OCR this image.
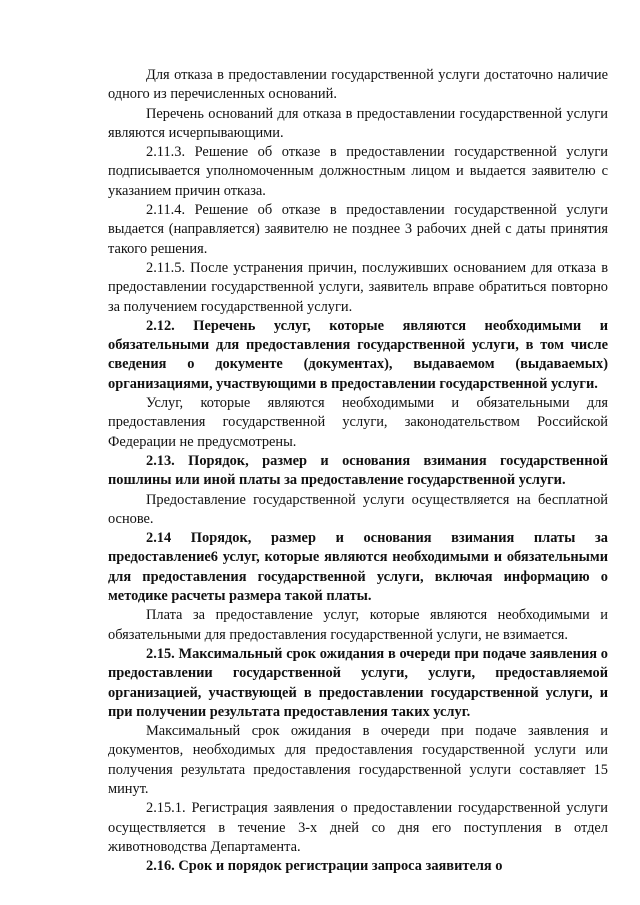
Для отказа в предоставлении государственной услуги достаточно наличие одного из перечисленных оснований.

Перечень оснований для отказа в предоставлении государственной услуги являются исчерпывающими.

2.11.3. Решение об отказе в предоставлении государственной услуги подписывается уполномоченным должностным лицом и выдается заявителю с указанием причин отказа.

2.11.4. Решение об отказе в предоставлении государственной услуги выдается (направляется) заявителю не позднее 3 рабочих дней с даты принятия такого решения.

2.11.5. После устранения причин, послуживших основанием для отказа в предоставлении государственной услуги, заявитель вправе обратиться повторно за получением государственной услуги.

2.12. Перечень услуг, которые являются необходимыми и обязательными для предоставления государственной услуги, в том числе сведения о документе (документах), выдаваемом (выдаваемых) организациями, участвующими в предоставлении государственной услуги.

Услуг, которые являются необходимыми и обязательными для предоставления государственной услуги, законодательством Российской Федерации не предусмотрены.

2.13. Порядок, размер и основания взимания государственной пошлины или иной платы за предоставление государственной услуги.

Предоставление государственной услуги осуществляется на бесплатной основе.

2.14 Порядок, размер и основания взимания платы за предоставление6 услуг, которые являются необходимыми и обязательными для предоставления государственной услуги, включая информацию о методике расчеты размера такой платы.

Плата за предоставление услуг, которые являются необходимыми и обязательными для предоставления государственной услуги, не взимается.

2.15. Максимальный срок ожидания в очереди при подаче заявления о предоставлении государственной услуги, услуги, предоставляемой организацией, участвующей в предоставлении государственной услуги, и при получении результата предоставления таких услуг.

Максимальный срок ожидания в очереди при подаче заявления и документов, необходимых для предоставления государственной услуги или получения результата предоставления государственной услуги составляет 15 минут.

2.15.1. Регистрация заявления о предоставлении государственной услуги осуществляется в течение 3-х дней со дня его поступления в отдел животноводства Департамента.

2.16. Срок и порядок регистрации запроса заявителя о
